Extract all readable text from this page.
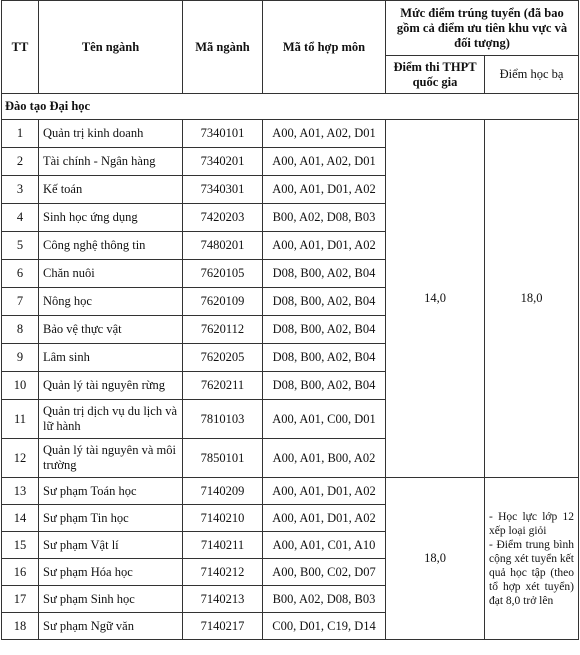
TT	Tên ngành	Mã ngành	Mã tổ hợp môn	Mức điểm trúng tuyển (đã bao gồm cả điểm ưu tiên khu vực và đối tượng)	
				Điểm thi THPT quốc gia	Điểm học bạ
Đào tạo Đại học					
1	Quản trị kinh doanh	7340101	A00, A01, A02, D01	14,0	18,0
2	Tài chính - Ngân hàng	7340201	A00, A01, A02, D01		
3	Kế toán	7340301	A00, A01, D01, A02		
4	Sinh học ứng dụng	7420203	B00, A02, D08, B03		
5	Công nghệ thông tin	7480201	A00, A01, D01, A02		
6	Chăn nuôi	7620105	D08, B00, A02, B04		
7	Nông học	7620109	D08, B00, A02, B04		
8	Bảo vệ thực vật	7620112	D08, B00, A02, B04		
9	Lâm sinh	7620205	D08, B00, A02, B04		
10	Quản lý tài nguyên rừng	7620211	D08, B00, A02, B04		
11	Quản trị dịch vụ du lịch và lữ hành	7810103	A00, A01, C00, D01		
12	Quản lý tài nguyên và môi trường	7850101	A00, A01, B00, A02		
13	Sư phạm Toán học	7140209	A00, A01, D01, A02	18,0	- Học lực lớp 12 xếp loại giỏi
- Điểm trung bình cộng xét tuyển kết quả học tập (theo tổ hợp xét tuyển) đạt 8,0 trở lên

14	Sư phạm Tin học	7140210	A00, A01, D01, A02		
15	Sư phạm Vật lí	7140211	A00, A01, C01, A10		
16	Sư phạm Hóa học	7140212	A00, B00, C02, D07		
17	Sư phạm Sinh học	7140213	B00, A02, D08, B03		
18	Sư phạm Ngữ văn	7140217	C00, D01, C19, D14		
